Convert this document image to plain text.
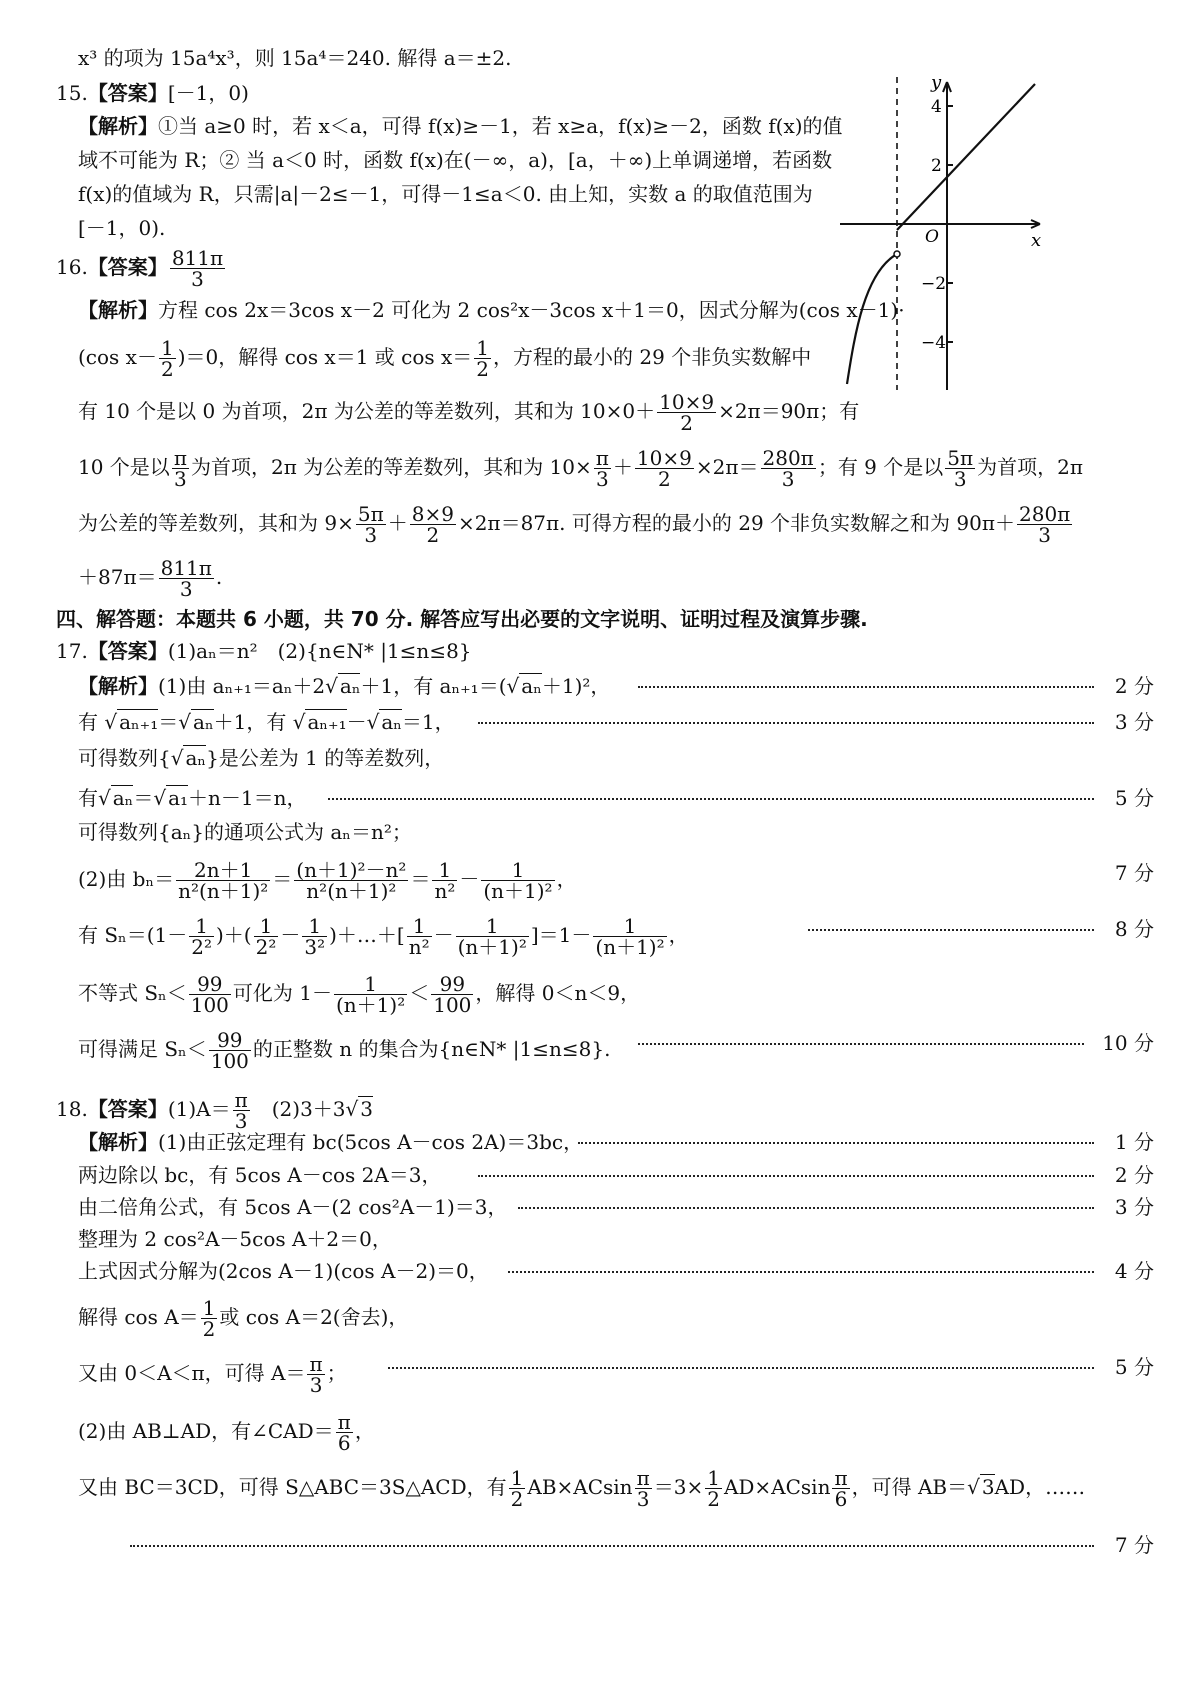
x³ 的项为 15a⁴x³，则 15a⁴＝240. 解得 a＝±2.
15.【答案】[－1，0)
【解析】①当 a≥0 时，若 x＜a，可得 f(x)≥－1，若 x≥a，f(x)≥－2，函数 f(x)的值
域不可能为 R；② 当 a＜0 时，函数 f(x)在(－∞，a)，[a，＋∞)上单调递增，若函数
f(x)的值域为 R，只需|a|－2≤－1，可得－1≤a＜0. 由上知，实数 a 的取值范围为
[－1，0).
y
x
O
4
2
−2
−4
16.【答案】 $\frac{811\pi}{3}$
【解析】方程 cos 2x＝3cos x－2 可化为 2 cos²x－3cos x＋1＝0，因式分解为(cos x－1)·
(cos $x- \frac{1}{2} )=0$，解得 cos x＝1 或 $\cos x= \frac{1}{2}$ ，方程的最小的 29 个非负实数解中
有 10 个是以 0 为首项，2π 为公差的等差数列，其和为 $10\times 0+ \frac{10\times 9}{2} \times 2\pi=90\pi$；有
10 个是以 $\frac{\pi}{3}$ 为首项，2π 为公差的等差数列，其和为 $10\times \frac{\pi}{3} + \frac{10\times 9}{2} \times 2\pi= \frac{280\pi}{3}$ ；有 9 个是以 $\frac{5\pi}{3}$ 为首项，2π
为公差的等差数列，其和为 $9\times \frac{5\pi}{3} + \frac{8\times 9}{2} \times 2\pi=87\pi$. 可得方程的最小的 29 个非负实数解之和为 $90\pi+ \frac{280\pi}{3}$
$+87\pi= \frac{811\pi}{3}$ .
四、解答题：本题共 6 小题，共 70 分. 解答应写出必要的文字说明、证明过程及演算步骤.
17.【答案】(1)aₙ＝n²　(2){n∈N* |1≤n≤8}
【解析】(1)由 aₙ₊₁＝aₙ＋2√ aₙ＋1，有 aₙ₊₁＝(√ aₙ＋1)²，	2 分
有 √ aₙ₊₁＝√ aₙ＋1，有 √ aₙ₊₁－√ aₙ＝1，	3 分
可得数列{√ aₙ}是公差为 1 的等差数列，
有√ aₙ＝√ a₁＋n－1＝n，	5 分
可得数列{aₙ}的通项公式为 aₙ＝n²；
(2)由 $b_n= \frac{2n+1}{\text{n²(n＋1)²}} = \frac{\text{(n＋1)²－n²}}{\text{n²(n＋1)²}} = \frac{1}{\text{n²}} - \frac{1}{\text{(n＋1)²}}$ ，	7 分
有 $S_n=(1- \frac{1}{\text{2²}}$ )＋( $\frac{1}{\text{2²}} - \frac{1}{\text{3²}}$ )＋…＋[ $\frac{1}{\text{n²}} - \frac{1}{\text{(n＋1)²}} ]=1- \frac{1}{\text{(n＋1)²}}$ ，	8 分
不等式 $S_n< \frac{99}{100}$ 可化为 $1- \frac{1}{\text{(n＋1)²}} < \frac{99}{100}$ ，解得 0＜n＜9，
可得满足 $S_n< \frac{99}{100}$ 的正整数 n 的集合为{n∈N* |1≤n≤8}.	10 分
18.【答案】$(1)A= \frac{\pi}{3}$ 　(2)3＋3√ 3
【解析】(1)由正弦定理有 bc(5cos A－cos 2A)＝3bc，	1 分
两边除以 bc，有 5cos A－cos 2A＝3，	2 分
由二倍角公式，有 5cos A－(2 cos²A－1)＝3，	3 分
整理为 2 cos²A－5cos A＋2＝0，
上式因式分解为(2cos A－1)(cos A－2)＝0，	4 分
解得 $\cos A= \frac{1}{2}$ 或 cos A＝2(舍去)，
又由 0＜A＜π，可得 $A= \frac{\pi}{3}$ ；	5 分
(2)由 AB⊥AD，有∠CAD＝ $\frac{\pi}{6}$ ，
又由 BC＝3CD，可得 S△ABC＝3S△ACD，有 $\frac{1}{2} AB\times ACsin \frac{\pi}{3} =3\times \frac{1}{2} AD\times ACsin \frac{\pi}{6}$ ，可得 AB＝√ 3AD，……
7 分
